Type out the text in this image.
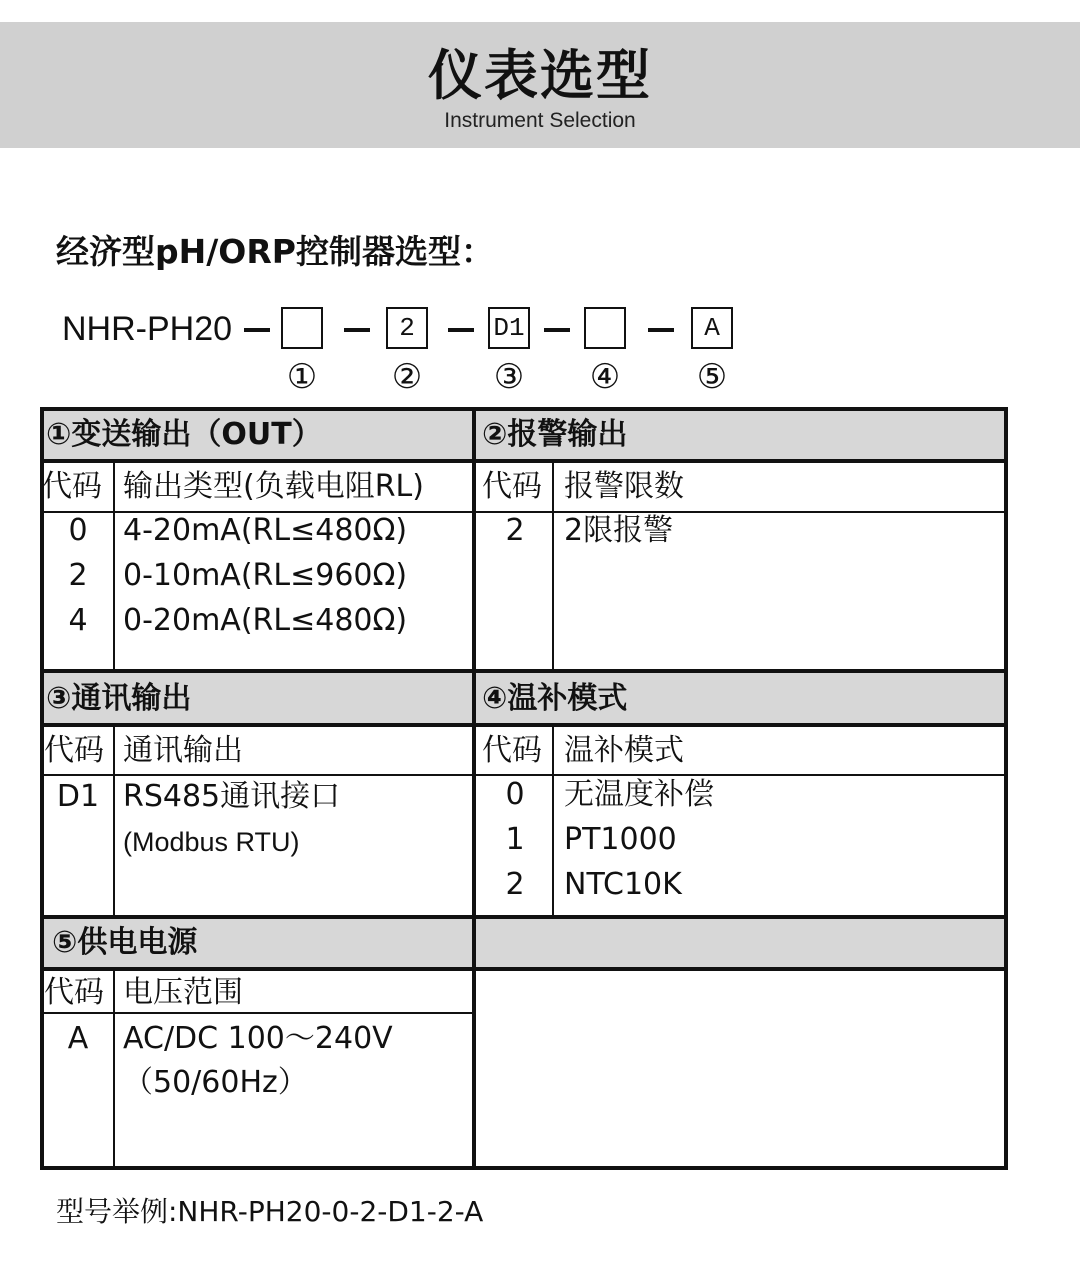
仪表选型
Instrument Selection
经济型pH/ORP控制器选型：
NHR-PH20	2	D1	A
① ② ③ ④ ⑤
①变送输出（OUT）
代码 输出类型(负载电阻RL)
0	4-20mA(RL≤480Ω)
2	0-10mA(RL≤960Ω)
4	0-20mA(RL≤480Ω)
②报警输出
代码 报警限数
2	2限报警
③通讯输出
代码 通讯输出
D1 RS485通讯接口
(Modbus RTU)
④温补模式
代码 温补模式
0	无温度补偿
1	PT1000
2	NTC10K
⑤供电电源
代码 电压范围
A	AC/DC 100～240V
（50/60Hz）
型号举例:NHR-PH20-0-2-D1-2-A
